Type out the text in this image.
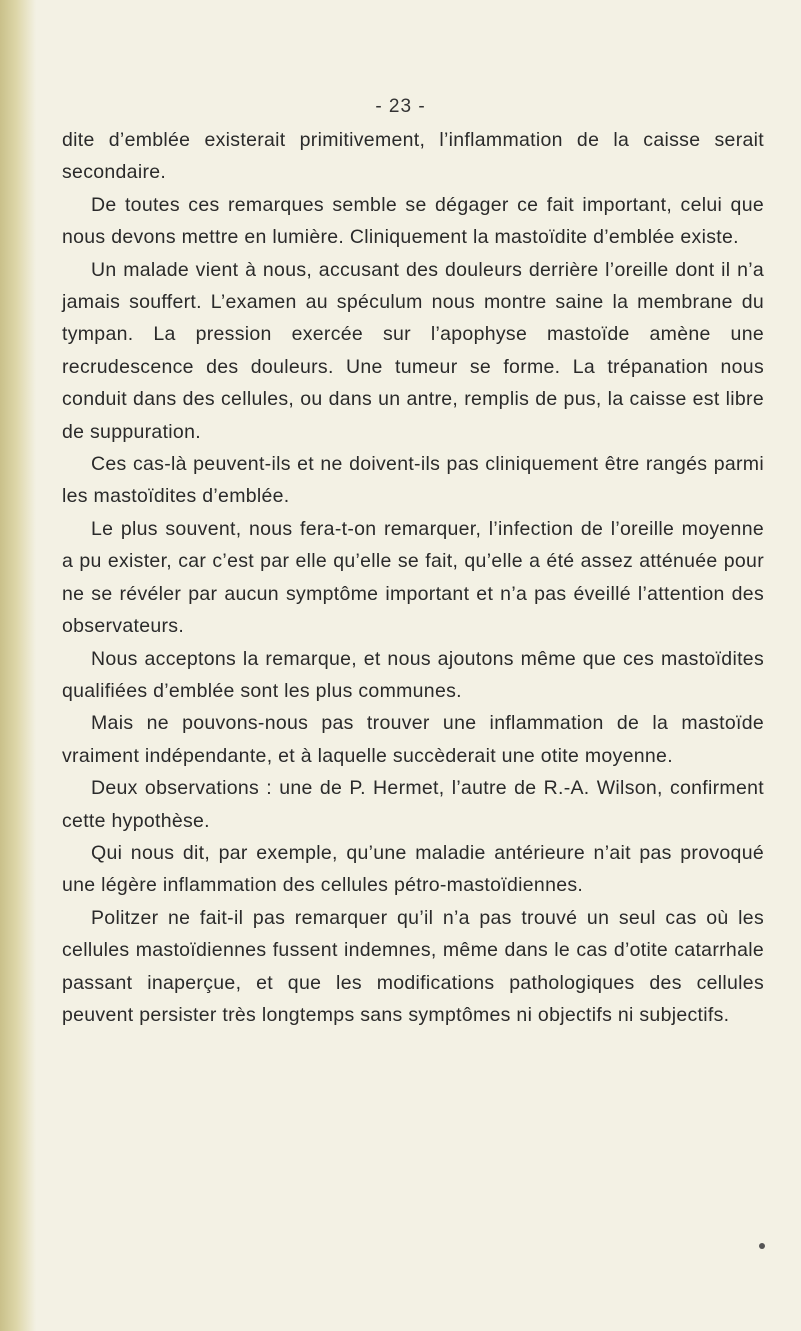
- 23 -

dite d’emblée existerait primitivement, l’inflammation de la caisse serait secondaire.

De toutes ces remarques semble se dégager ce fait important, celui que nous devons mettre en lumière. Cliniquement la mastoïdite d’emblée existe.

Un malade vient à nous, accusant des douleurs derrière l’oreille dont il n’a jamais souffert. L’examen au spéculum nous montre saine la membrane du tympan. La pression exercée sur l’apophyse mastoïde amène une recrudescence des douleurs. Une tumeur se forme. La trépanation nous conduit dans des cellules, ou dans un antre, remplis de pus, la caisse est libre de suppuration.

Ces cas-là peuvent-ils et ne doivent-ils pas cliniquement être rangés parmi les mastoïdites d’emblée.

Le plus souvent, nous fera-t-on remarquer, l’infection de l’oreille moyenne a pu exister, car c’est par elle qu’elle se fait, qu’elle a été assez atténuée pour ne se révéler par aucun symptôme important et n’a pas éveillé l’attention des observateurs.

Nous acceptons la remarque, et nous ajoutons même que ces mastoïdites qualifiées d’emblée sont les plus communes.

Mais ne pouvons-nous pas trouver une inflammation de la mastoïde vraiment indépendante, et à laquelle succèderait une otite moyenne.

Deux observations : une de P. Hermet, l’autre de R.-A. Wilson, confirment cette hypothèse.

Qui nous dit, par exemple, qu’une maladie antérieure n’ait pas provoqué une légère inflammation des cellules pétro-mastoïdiennes.

Politzer ne fait-il pas remarquer qu’il n’a pas trouvé un seul cas où les cellules mastoïdiennes fussent indemnes, même dans le cas d’otite catarrhale passant inaperçue, et que les modifications pathologiques des cellules peuvent persister très longtemps sans symptômes ni objectifs ni subjectifs.
